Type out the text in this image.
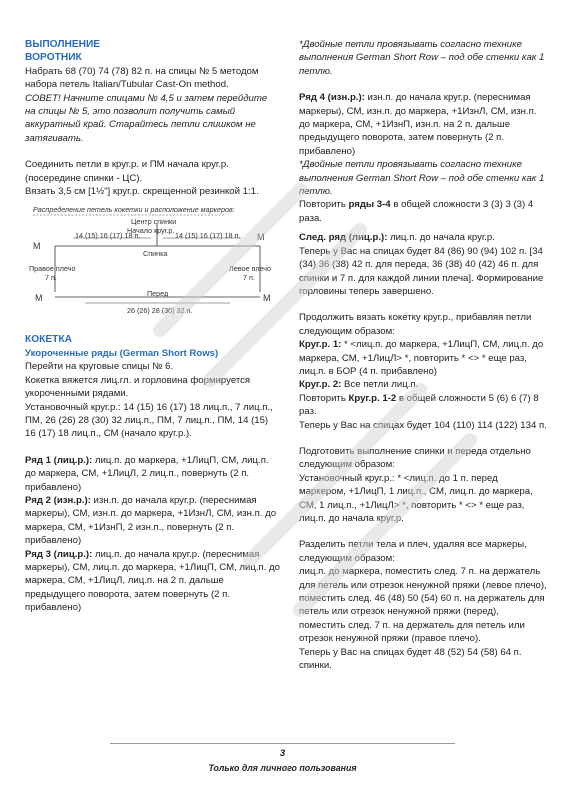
ВЫПОЛНЕНИЕ

ВОРОТНИК

Набрать 68 (70) 74 (78) 82 п. на спицы № 5 методом набора петель Italian/Tubular Cast-On method.

СОВЕТ! Начните спицами № 4,5 и затем перейдите на спицы № 5, это позволит получить самый аккуратный край. Старайтесь петли слишком не затягивать.

Соединить петли в круг.р. и ПМ начала круг.р. (посередине спинки - ЦС).

Вязать 3,5 см [1½"] круг.р. скрещенной резинкой 1:1.

Распределение петель кокетки и расположение маркеров:
Центр спинки
Начало круг.р.
14 (15) 16 (17) 18 п.	14 (15) 16 (17) 18 п.
М
М
Спинка
М	М
Правое плечо
7 п.
Левое плечо
7 п.
Перед
26 (26) 28 (30) 32 п.

КОКЕТКА

Укороченные ряды (German Short Rows)

Перейти на круговые спицы № 6.

Кокетка вяжется лиц.гл. и горловина формируется укороченными рядами.

Установочный круг.р.: 14 (15) 16 (17) 18 лиц.п., 7 лиц.п., ПМ, 26 (26) 28 (30) 32 лиц.п., ПМ, 7 лиц.п., ПМ, 14 (15) 16 (17) 18 лиц.п., СМ (начало круг.р.).

Ряд 1 (лиц.р.): лиц.п. до маркера, +1ЛицП, СМ, лиц.п. до маркера, СМ, +1ЛицЛ, 2 лиц.п., повернуть (2 п. прибавлено)

Ряд 2 (изн.р.): изн.п. до начала круг.р. (переснимая маркеры), СМ, изн.п. до маркера, +1ИзнЛ, СМ, изн.п. до маркера, СМ, +1ИзнП, 2 изн.п., повернуть (2 п. прибавлено)

Ряд 3 (лиц.р.): лиц.п. до начала круг.р. (переснимая маркеры), СМ, лиц.п. до маркера, +1ЛицП, СМ, лиц.п. до маркера, СМ, +1ЛицЛ, лиц.п. на 2 п. дальше предыдущего поворота, затем повернуть (2 п. прибавлено)

*Двойные петли провязывать согласно технике выполнения German Short Row – под обе стенки как 1 петлю.

Ряд 4 (изн.р.): изн.п. до начала круг.р. (переснимая маркеры), СМ, изн.п. до маркера, +1ИзнЛ, СМ, изн.п. до маркера, СМ, +1ИзнП, изн.п. на 2 п. дальше предыдущего поворота, затем повернуть (2 п. прибавлено)

*Двойные петли провязывать согласно технике выполнения German Short Row – под обе стенки как 1 петлю.

Повторить ряды 3-4 в общей сложности 3 (3) 3 (3) 4 раза.

След. ряд (лиц.р.): лиц.п. до начала круг.р.

Теперь у Вас на спицах будет 84 (86) 90 (94) 102 п. [34 (34) 36 (38) 42 п. для переда, 36 (38) 40 (42) 46 п. для спинки и 7 п. для каждой линии плеча]. Формирование горловины теперь завершено.

Продолжить вязать кокетку круг.р., прибавляя петли следующим образом:

Круг.р. 1: * <лиц.п. до маркера, +1ЛицП, СМ, лиц.п. до маркера, СМ, +1ЛицЛ> *, повторить * <> * еще раз, лиц.п. в БОР (4 п. прибавлено)

Круг.р. 2: Все петли лиц.п.

Повторить Круг.р. 1-2 в общей сложности 5 (6) 6 (7) 8 раз.

Теперь у Вас на спицах будет 104 (110) 114 (122) 134 п.

Подготовить выполнение спинки и переда отдельно следующим образом:

Установочный круг.р.: * <лиц.п. до 1 п. перед маркером, +1ЛицП, 1 лиц.п., СМ, лиц.п. до маркера, СМ, 1 лиц.п., +1ЛицЛ> *, повторить * <> * еще раз, лиц.п. до начала круг.р.

Разделить петли тела и плеч, удаляя все маркеры, следующим образом:

лиц.п. до маркера, поместить след. 7 п. на держатель для петель или отрезок ненужной пряжи (левое плечо), поместить след. 46 (48) 50 (54) 60 п. на держатель для петель или отрезок ненужной пряжи (перед), поместить след. 7 п. на держатель для петель или отрезок ненужной пряжи (правое плечо).

Теперь у Вас на спицах будет 48 (52) 54 (58) 64 п. спинки.

3
Только для личного пользования
